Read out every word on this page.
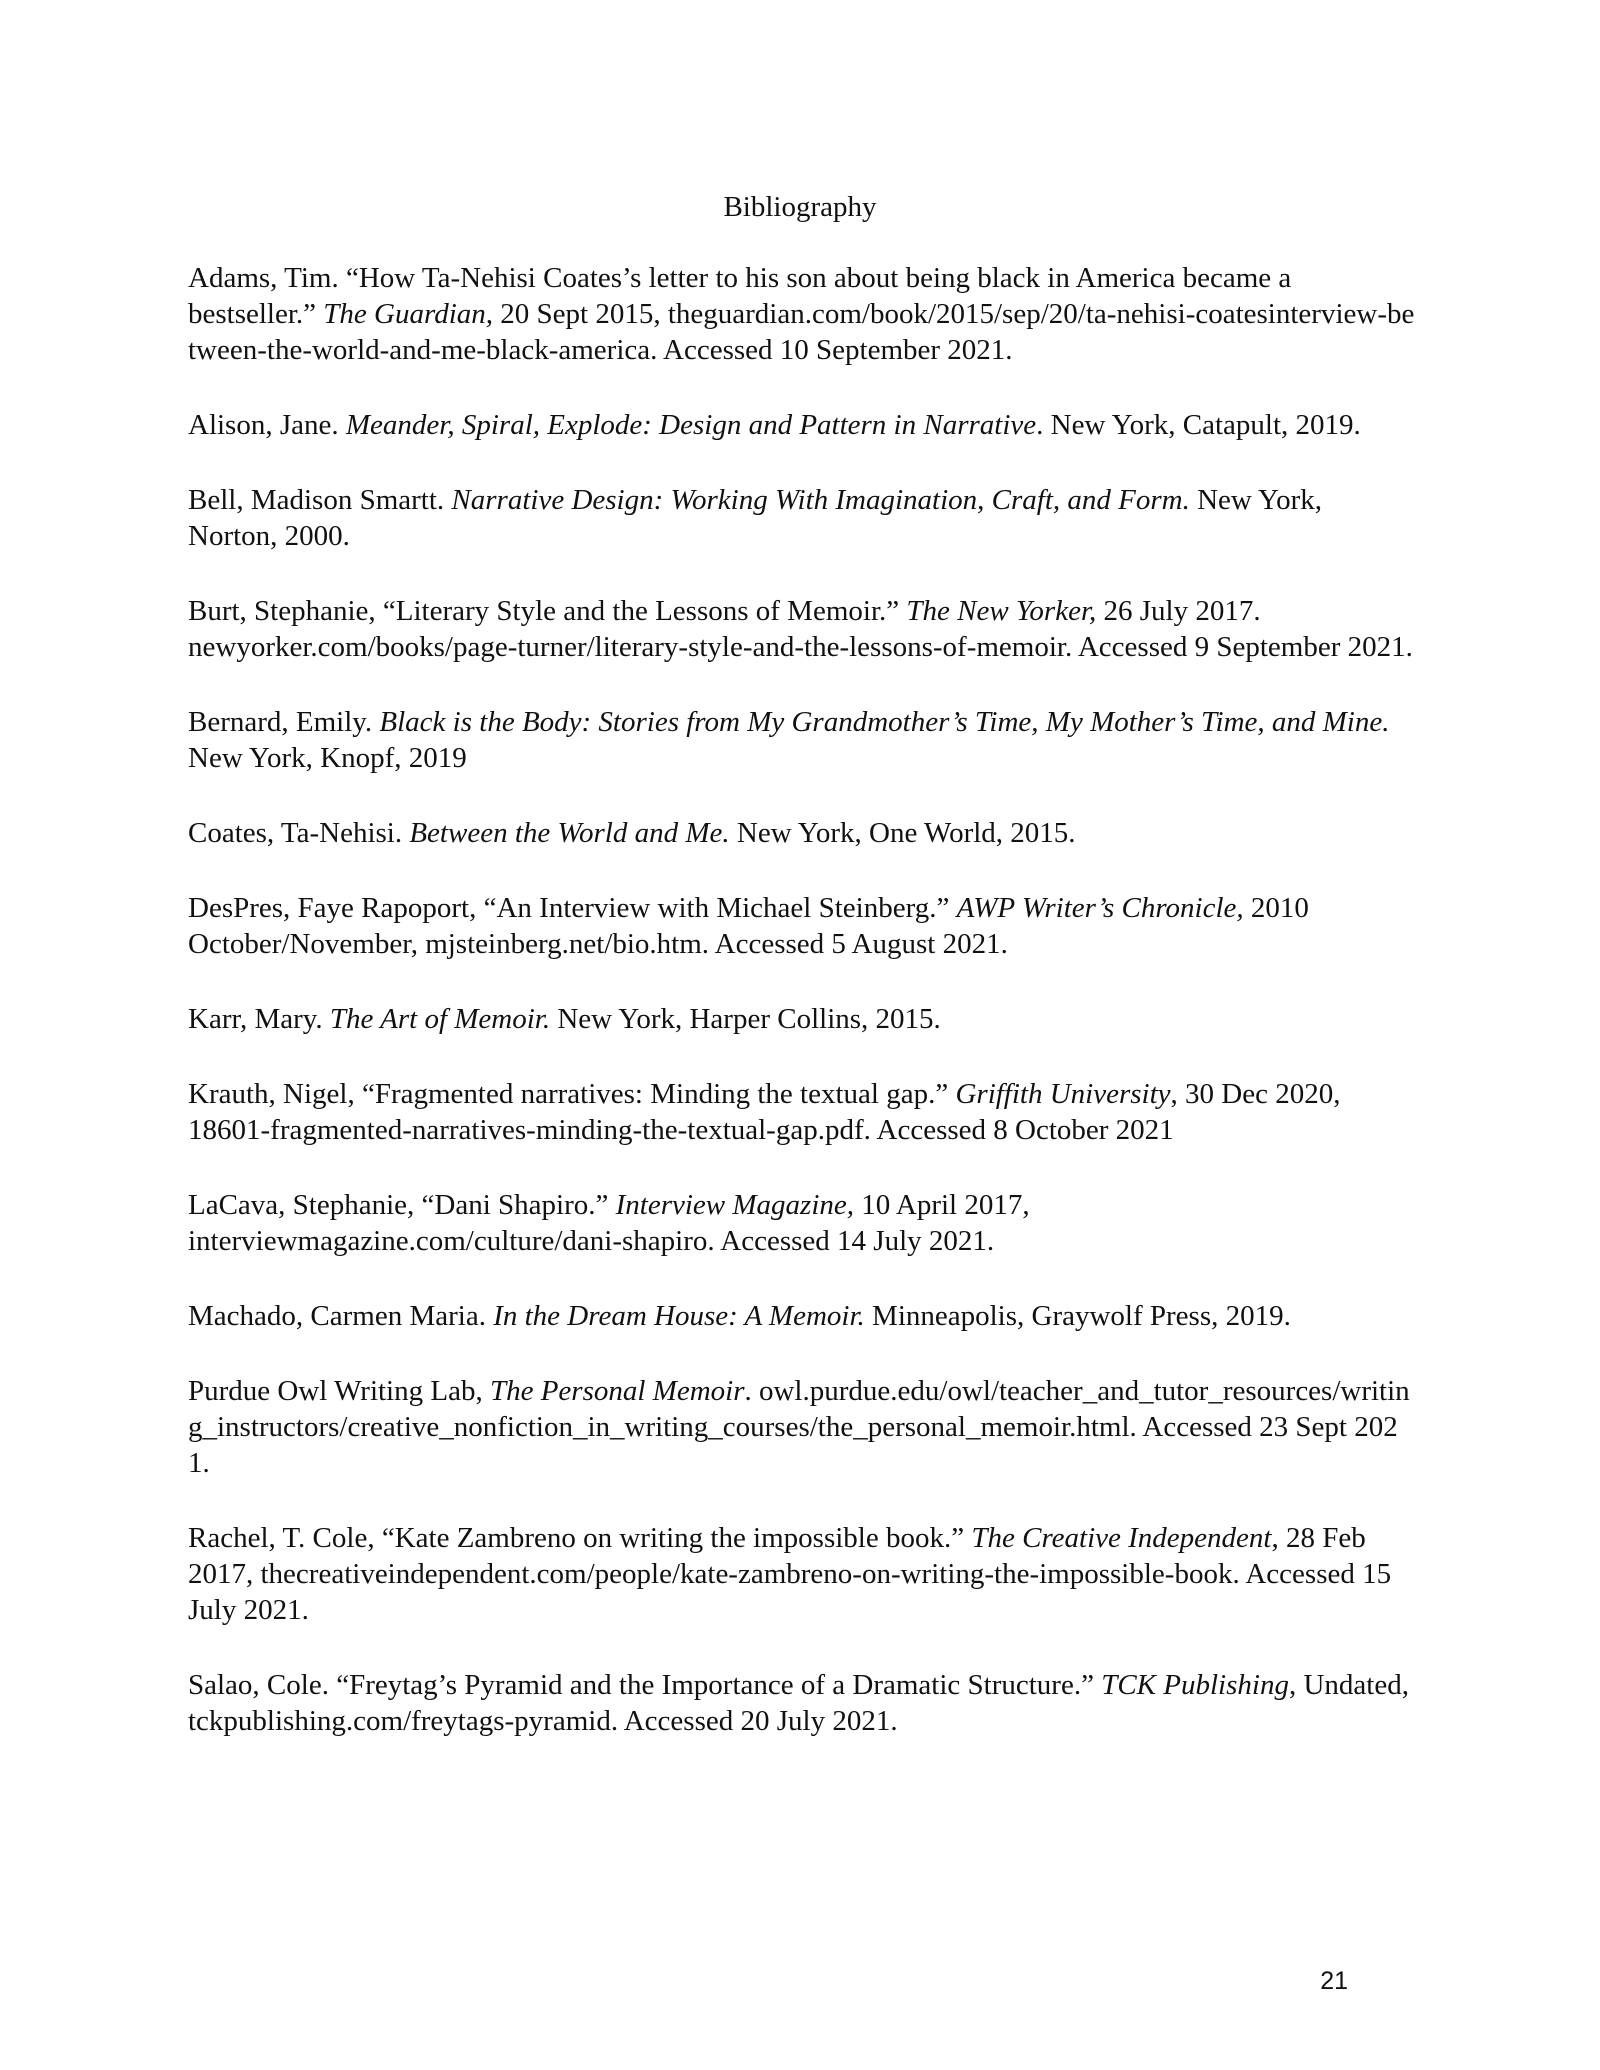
Bibliography

Adams, Tim. “How Ta-Nehisi Coates’s letter to his son about being black in America became a bestseller.” The Guardian, 20 Sept 2015, theguardian.com/book/2015/sep/20/ta-nehisi-coatesinterview-between-the-world-and-me-black-america. Accessed 10 September 2021.

Alison, Jane. Meander, Spiral, Explode: Design and Pattern in Narrative. New York, Catapult, 2019.

Bell, Madison Smartt. Narrative Design: Working With Imagination, Craft, and Form. New York, Norton, 2000.

Burt, Stephanie, “Literary Style and the Lessons of Memoir.” The New Yorker, 26 July 2017. newyorker.com/books/page-turner/literary-style-and-the-lessons-of-memoir. Accessed 9 September 2021.

Bernard, Emily. Black is the Body: Stories from My Grandmother’s Time, My Mother’s Time, and Mine. New York, Knopf, 2019

Coates, Ta-Nehisi. Between the World and Me. New York, One World, 2015.

DesPres, Faye Rapoport, “An Interview with Michael Steinberg.” AWP Writer’s Chronicle, 2010 October/November, mjsteinberg.net/bio.htm. Accessed 5 August 2021.

Karr, Mary. The Art of Memoir. New York, Harper Collins, 2015.

Krauth, Nigel, “Fragmented narratives: Minding the textual gap.” Griffith University, 30 Dec 2020, 18601-fragmented-narratives-minding-the-textual-gap.pdf. Accessed 8 October 2021

LaCava, Stephanie, “Dani Shapiro.” Interview Magazine, 10 April 2017, interviewmagazine.com/culture/dani-shapiro. Accessed 14 July 2021.

Machado, Carmen Maria. In the Dream House: A Memoir. Minneapolis, Graywolf Press, 2019.

Purdue Owl Writing Lab, The Personal Memoir. owl.purdue.edu/owl/teacher_and_tutor_resources/writing_instructors/creative_nonfiction_in_writing_courses/the_personal_memoir.html. Accessed 23 Sept 2021.

Rachel, T. Cole, “Kate Zambreno on writing the impossible book.” The Creative Independent, 28 Feb 2017, thecreativeindependent.com/people/kate-zambreno-on-writing-the-impossible-book. Accessed 15 July 2021.

Salao, Cole. “Freytag’s Pyramid and the Importance of a Dramatic Structure.” TCK Publishing, Undated, tckpublishing.com/freytags-pyramid. Accessed 20 July 2021.

21
